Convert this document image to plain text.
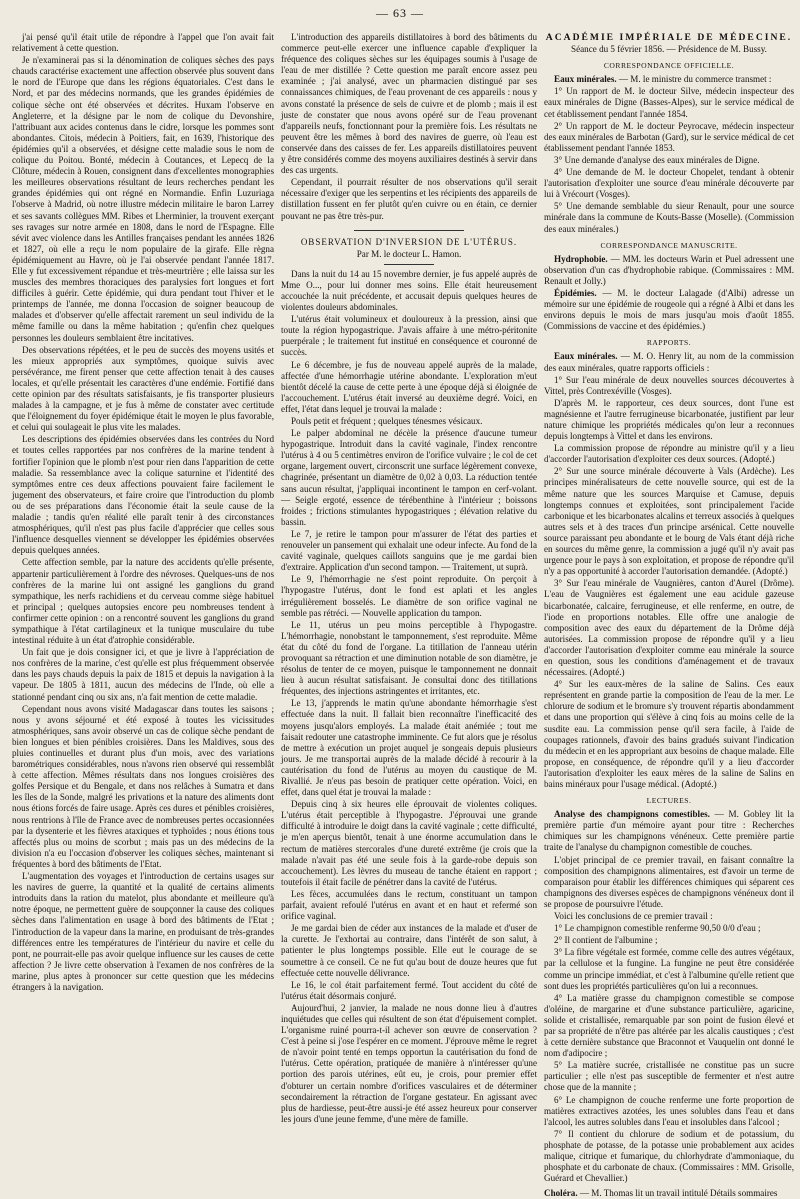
— 63 —

j'ai pensé qu'il était utile de répondre à l'appel que l'on avait fait relativement à cette question.

Je n'examinerai pas si la dénomination de coliques sèches des pays chauds caractérise exactement une affection observée plus souvent dans le nord de l'Europe que dans les régions équatoriales. C'est dans le Nord, et par des médecins normands, que les grandes épidémies de colique sèche ont été observées et décrites. Huxam l'observe en Angleterre, et la désigne par le nom de colique du Devonshire, l'attribuant aux acides contenus dans le cidre, lorsque les pommes sont abondantes. Citois, médecin à Poitiers, fait, en 1639, l'historique des épidémies qu'il a observées, et désigne cette maladie sous le nom de colique du Poitou. Bonté, médecin à Coutances, et Lepecq de la Clôture, médecin à Rouen, consignent dans d'excellentes monographies les meilleures observations résultant de leurs recherches pendant les grandes épidémies qui ont régné en Normandie. Enfin Luzuriaga l'observe à Madrid, où notre illustre médecin militaire le baron Larrey et ses savants collègues MM. Ribes et Lherminier, la trouvent exerçant ses ravages sur notre armée en 1808, dans le nord de l'Espagne. Elle sévit avec violence dans les Antilles françaises pendant les années 1826 et 1827, où elle a reçu le nom populaire de la girafe. Elle règna épidémiquement au Havre, où je l'ai observée pendant l'année 1817. Elle y fut excessivement répandue et très-meurtrière ; elle laissa sur les muscles des membres thoraciques des paralysies fort longues et fort difficiles à guérir. Cette épidémie, qui dura pendant tout l'hiver et le printemps de l'année, me donna l'occasion de soigner beaucoup de malades et d'observer qu'elle affectait rarement un seul individu de la même famille ou dans la même habitation ; qu'enfin chez quelques personnes les douleurs semblaient être incitatives.

Des observations répétées, et le peu de succès des moyens usités et les mieux appropriés aux symptômes, quoique suivis avec persévérance, me firent penser que cette affection tenait à des causes locales, et qu'elle présentait les caractères d'une endémie. Fortifié dans cette opinion par des résultats satisfaisants, je fis transporter plusieurs malades à la campagne, et je fus à même de constater avec certitude que l'éloignement du foyer épidémique était le moyen le plus favorable, et celui qui soulageait le plus vite les malades.

Les descriptions des épidémies observées dans les contrées du Nord et toutes celles rapportées par nos confrères de la marine tendent à fortifier l'opinion que le plomb n'est pour rien dans l'apparition de cette maladie. Sa ressemblance avec la colique saturnine et l'identité des symptômes entre ces deux affections pouvaient faire facilement le jugement des observateurs, et faire croire que l'introduction du plomb ou de ses préparations dans l'économie était la seule cause de la maladie ; tandis qu'en réalité elle paraît tenir à des circonstances atmosphériques, qu'il n'est pas plus facile d'apprécier que celles sous l'influence desquelles viennent se développer les épidémies observées depuis quelques années.

Cette affection semble, par la nature des accidents qu'elle présente, appartenir particulièrement à l'ordre des névroses. Quelques-uns de nos confrères de la marine lui ont assigné les ganglions du grand sympathique, les nerfs rachidiens et du cerveau comme siège habituel et principal ; quelques autopsies encore peu nombreuses tendent à confirmer cette opinion : on a rencontré souvent les ganglions du grand sympathique à l'état cartilagineux et la tunique musculaire du tube intestinal réduite à un état d'atrophie considérable.

Un fait que je dois consigner ici, et que je livre à l'appréciation de nos confrères de la marine, c'est qu'elle est plus fréquemment observée dans les pays chauds depuis la paix de 1815 et depuis la navigation à la vapeur. De 1805 à 1811, aucun des médecins de l'Inde, où elle a stationné pendant cinq ou six ans, n'a fait mention de cette maladie.

Cependant nous avons visité Madagascar dans toutes les saisons ; nous y avons séjourné et été exposé à toutes les vicissitudes atmosphériques, sans avoir observé un cas de colique sèche pendant de bien longues et bien pénibles croisières. Dans les Maldives, sous des pluies continuelles et durant plus d'un mois, avec des variations barométriques considérables, nous n'avons rien observé qui ressemblât à cette affection. Mêmes résultats dans nos longues croisières des golfes Persique et du Bengale, et dans nos relâches à Sumatra et dans les îles de la Sonde, malgré les privations et la nature des aliments dont nous étions forcés de faire usage. Après ces dures et pénibles croisières, nous rentrions à l'île de France avec de nombreuses pertes occasionnées par la dysenterie et les fièvres ataxiques et typhoïdes ; nous étions tous affectés plus ou moins de scorbut ; mais pas un des médecins de la division n'a eu l'occasion d'observer les coliques sèches, maintenant si fréquentes à bord des bâtiments de l'Etat.

L'augmentation des voyages et l'introduction de certains usages sur les navires de guerre, la quantité et la qualité de certains aliments introduits dans la ration du matelot, plus abondante et meilleure qu'à notre époque, ne permettent guère de soupçonner la cause des coliques sèches dans l'alimentation en usage à bord des bâtiments de l'Etat ; l'introduction de la vapeur dans la marine, en produisant de très-grandes différences entre les températures de l'intérieur du navire et celle du pont, ne pourrait-elle pas avoir quelque influence sur les causes de cette affection ? Je livre cette observation à l'examen de nos confrères de la marine, plus aptes à prononcer sur cette question que les médecins étrangers à la navigation.

L'introduction des appareils distillatoires à bord des bâtiments du commerce peut-elle exercer une influence capable d'expliquer la fréquence des coliques sèches sur les équipages soumis à l'usage de l'eau de mer distillée ? Cette question me paraît encore assez peu examinée ; j'ai analysé, avec un pharmacien distingué par ses connaissances chimiques, de l'eau provenant de ces appareils : nous y avons constaté la présence de sels de cuivre et de plomb ; mais il est juste de constater que nous avons opéré sur de l'eau provenant d'appareils neufs, fonctionnant pour la première fois. Les résultats ne peuvent être les mêmes à bord des navires de guerre, où l'eau est conservée dans des caisses de fer. Les appareils distillatoires peuvent y être considérés comme des moyens auxiliaires destinés à servir dans des cas urgents.

Cependant, il pourrait résulter de nos observations qu'il serait nécessaire d'exiger que les serpentins et les récipients des appareils de distillation fussent en fer plutôt qu'en cuivre ou en étain, ce dernier pouvant ne pas être très-pur.

OBSERVATION D'INVERSION DE L'UTÉRUS.

Par M. le docteur L. Hamon.

Dans la nuit du 14 au 15 novembre dernier, je fus appelé auprès de Mme O..., pour lui donner mes soins. Elle était heureusement accouchée la nuit précédente, et accusait depuis quelques heures de violentes douleurs abdominales.

L'utérus était volumineux et douloureux à la pression, ainsi que toute la région hypogastrique. J'avais affaire à une métro-péritonite puerpérale ; le traitement fut institué en conséquence et couronné de succès.

Le 6 décembre, je fus de nouveau appelé auprès de la malade, affectée d'une hémorrhagie utérine abondante. L'exploration m'eut bientôt décelé la cause de cette perte à une époque déjà si éloignée de l'accouchement. L'utérus était inversé au deuxième degré. Voici, en effet, l'état dans lequel je trouvai la malade :

Pouls petit et fréquent ; quelques ténesmes vésicaux.

Le palper abdominal ne décèle la présence d'aucune tumeur hypogastrique. Introduit dans la cavité vaginale, l'index rencontre l'utérus à 4 ou 5 centimètres environ de l'orifice vulvaire ; le col de cet organe, largement ouvert, circonscrit une surface légèrement convexe, chagrinée, présentant un diamètre de 0,02 à 0,03. La réduction tentée sans aucun résultat, j'appliquai incontinent le tampon en cerf-volant. — Seigle ergoté, essence de térébenthine à l'intérieur ; boissons froides ; frictions stimulantes hypogastriques ; élévation relative du bassin.

Le 7, je retire le tampon pour m'assurer de l'état des parties et renouveler un pansement qui exhalait une odeur infecte. Au fond de la cavité vaginale, quelques caillots sanguins que je me gardai bien d'extraire. Application d'un second tampon. — Traitement, ut suprà.

Le 9, l'hémorrhagie ne s'est point reproduite. On perçoit à l'hypogastre l'utérus, dont le fond est aplati et les angles irrégulièrement bosselés. Le diamètre de son orifice vaginal ne semble pas rétréci. — Nouvelle application du tampon.

Le 11, utérus un peu moins perceptible à l'hypogastre. L'hémorrhagie, nonobstant le tamponnement, s'est reproduite. Même état du côté du fond de l'organe. La titillation de l'anneau utérin provoquant sa rétraction et une diminution notable de son diamètre, je résolus de tenter de ce moyen, puisque le tamponnement ne donnait lieu à aucun résultat satisfaisant. Je consultai donc des titillations fréquentes, des injections astringentes et irritantes, etc.

Le 13, j'apprends le matin qu'une abondante hémorrhagie s'est effectuée dans la nuit. Il fallait bien reconnaître l'inefficacité des moyens jusqu'alors employés. La malade était anémiée ; tout me faisait redouter une catastrophe imminente. Ce fut alors que je résolus de mettre à exécution un projet auquel je songeais depuis plusieurs jours. Je me transportai auprès de la malade décidé à recourir à la cautérisation du fond de l'utérus au moyen du caustique de M. Rivallié. Je n'eus pas besoin de pratiquer cette opération. Voici, en effet, dans quel état je trouvai la malade :

Depuis cinq à six heures elle éprouvait de violentes coliques. L'utérus était perceptible à l'hypogastre. J'éprouvai une grande difficulté à introduire le doigt dans la cavité vaginale ; cette difficulté, je m'en aperçus bientôt, tenait à une énorme accumulation dans le rectum de matières stercorales d'une dureté extrême (je crois que la malade n'avait pas été une seule fois à la garde-robe depuis son accouchement). Les lèvres du museau de tanche étaient en rapport ; toutefois il était facile de pénétrer dans la cavité de l'utérus.

Les fèces, accumulées dans le rectum, constituant un tampon parfait, avaient refoulé l'utérus en avant et en haut et refermé son orifice vaginal.

Je me gardai bien de céder aux instances de la malade et d'user de la curette. Je l'exhortai au contraire, dans l'intérêt de son salut, à patienter le plus longtemps possible. Elle eut le courage de se soumettre à ce conseil. Ce ne fut qu'au bout de douze heures que fut effectuée cette nouvelle délivrance.

Le 16, le col était parfaitement fermé. Tout accident du côté de l'utérus était désormais conjuré.

Aujourd'hui, 2 janvier, la malade ne nous donne lieu à d'autres inquiétudes que celles qui résultent de son état d'épuisement complet. L'organisme ruiné pourra-t-il achever son œuvre de conservation ? C'est à peine si j'ose l'espérer en ce moment. J'éprouve même le regret de n'avoir point tenté en temps opportun la cautérisation du fond de l'utérus. Cette opération, pratiquée de manière à n'intéresser qu'une portion des parois utérines, eût eu, je crois, pour premier effet d'obturer un certain nombre d'orifices vasculaires et de déterminer secondairement la rétraction de l'organe gestateur. En agissant avec plus de hardiesse, peut-être aussi-je été assez heureux pour conserver les jours d'une jeune femme, d'une mère de famille.

ACADÉMIE IMPÉRIALE DE MÉDECINE.

Séance du 5 février 1856. — Présidence de M. Bussy.

CORRESPONDANCE OFFICIELLE.

Eaux minérales. — M. le ministre du commerce transmet :

1° Un rapport de M. le docteur Silve, médecin inspecteur des eaux minérales de Digne (Basses-Alpes), sur le service médical de cet établissement pendant l'année 1854.

2° Un rapport de M. le docteur Peyrocave, médecin inspecteur des eaux minérales de Barbotan (Gard), sur le service médical de cet établissement pendant l'année 1853.

3° Une demande d'analyse des eaux minérales de Digne.

4° Une demande de M. le docteur Chopelet, tendant à obtenir l'autorisation d'exploiter une source d'eau minérale découverte par lui à Vrécourt (Vosges).

5° Une demande semblable du sieur Renault, pour une source minérale dans la commune de Kouts-Basse (Moselle). (Commission des eaux minérales.)

CORRESPONDANCE MANUSCRITE.

Hydrophobie. — MM. les docteurs Warin et Puel adressent une observation d'un cas d'hydrophobie rabique. (Commissaires : MM. Renault et Jolly.)

Épidémies. — M. le docteur Lalagade (d'Albi) adresse un mémoire sur une épidémie de rougeole qui a régné à Albi et dans les environs depuis le mois de mars jusqu'au mois d'août 1855. (Commissions de vaccine et des épidémies.)

RAPPORTS.

Eaux minérales. — M. O. Henry lit, au nom de la commission des eaux minérales, quatre rapports officiels :

1° Sur l'eau minérale de deux nouvelles sources découvertes à Vittel, près Contrexéville (Vosges).

D'après M. le rapporteur, ces deux sources, dont l'une est magnésienne et l'autre ferrugineuse bicarbonatée, justifient par leur nature chimique les propriétés médicales qu'on leur a reconnues depuis longtemps à Vittel et dans les environs.

La commission propose de répondre au ministre qu'il y a lieu d'accorder l'autorisation d'exploiter ces deux sources. (Adopté.)

2° Sur une source minérale découverte à Vals (Ardèche). Les principes minéralisateurs de cette nouvelle source, qui est de la même nature que les sources Marquise et Camuse, depuis longtemps connues et exploitées, sont principalement l'acide carbonique et les bicarbonates alcalins et terreux associés à quelques autres sels et à des traces d'un principe arsénical. Cette nouvelle source paraissant peu abondante et le bourg de Vals étant déjà riche en sources du même genre, la commission a jugé qu'il n'y avait pas urgence pour le pays à son exploitation, et propose de répondre qu'il n'y a pas opportunité à accorder l'autorisation demandée. (Adopté.)

3° Sur l'eau minérale de Vaugnières, canton d'Aurel (Drôme). L'eau de Vaugnières est également une eau acidule gazeuse bicarbonatée, calcaire, ferrugineuse, et elle renferme, en outre, de l'iode en proportions notables. Elle offre une analogie de composition avec des eaux du département de la Drôme déjà autorisées. La commission propose de répondre qu'il y a lieu d'accorder l'autorisation d'exploiter comme eau minérale la source en question, sous les conditions d'aménagement et de travaux nécessaires. (Adopté.)

4° Sur les eaux-mères de la saline de Salins. Ces eaux représentent en grande partie la composition de l'eau de la mer. Le chlorure de sodium et le bromure s'y trouvent répartis abondamment et dans une proportion qui s'élève à cinq fois au moins celle de la susdite eau. La commission pense qu'il sera facile, à l'aide de coupages rationnels, d'avoir des bains gradués suivant l'indication du médecin et en les appropriant aux besoins de chaque malade. Elle propose, en conséquence, de répondre qu'il y a lieu d'accorder l'autorisation d'exploiter les eaux mères de la saline de Salins en bains minéraux pour l'usage médical. (Adopté.)

LECTURES.

Analyse des champignons comestibles. — M. Gobley lit la première partie d'un mémoire ayant pour titre : Recherches chimiques sur les champignons vénéneux. Cette première partie traite de l'analyse du champignon comestible de couches.

L'objet principal de ce premier travail, en faisant connaître la composition des champignons alimentaires, est d'avoir un terme de comparaison pour établir les différences chimiques qui séparent ces champignons des diverses espèces de champignons vénéneux dont il se propose de poursuivre l'étude.

Voici les conclusions de ce premier travail :

1° Le champignon comestible renferme 90,50 0/0 d'eau ;

2° Il contient de l'albumine ;

3° La fibre végétale est formée, comme celle des autres végétaux, par la cellulose et la fungine. La fungine ne peut être considérée comme un principe immédiat, et c'est à l'albumine qu'elle retient que sont dues les propriétés particulières qu'on lui a reconnues.

4° La matière grasse du champignon comestible se compose d'oléine, de margarine et d'une substance particulière, agaricine, solide et cristallisée, remarquable par son point de fusion élevé et par sa propriété de n'être pas altérée par les alcalis caustiques ; c'est à cette dernière substance que Braconnot et Vauquelin ont donné le nom d'adipocire ;

5° La matière sucrée, cristallisée ne constitue pas un sucre particulier ; elle n'est pas susceptible de fermenter et n'est autre chose que de la mannite ;

6° Le champignon de couche renferme une forte proportion de matières extractives azotées, les unes solubles dans l'eau et dans l'alcool, les autres solubles dans l'eau et insolubles dans l'alcool ;

7° Il contient du chlorure de sodium et de potassium, du phosphate de potasse, de la potasse unie probablement aux acides malique, citrique et fumarique, du chlorhydrate d'ammoniaque, du phosphate et du carbonate de chaux. (Commissaires : MM. Grisolle, Guérard et Chevallier.)

Choléra. — M. Thomas lit un travail intitulé Détails sommaires
